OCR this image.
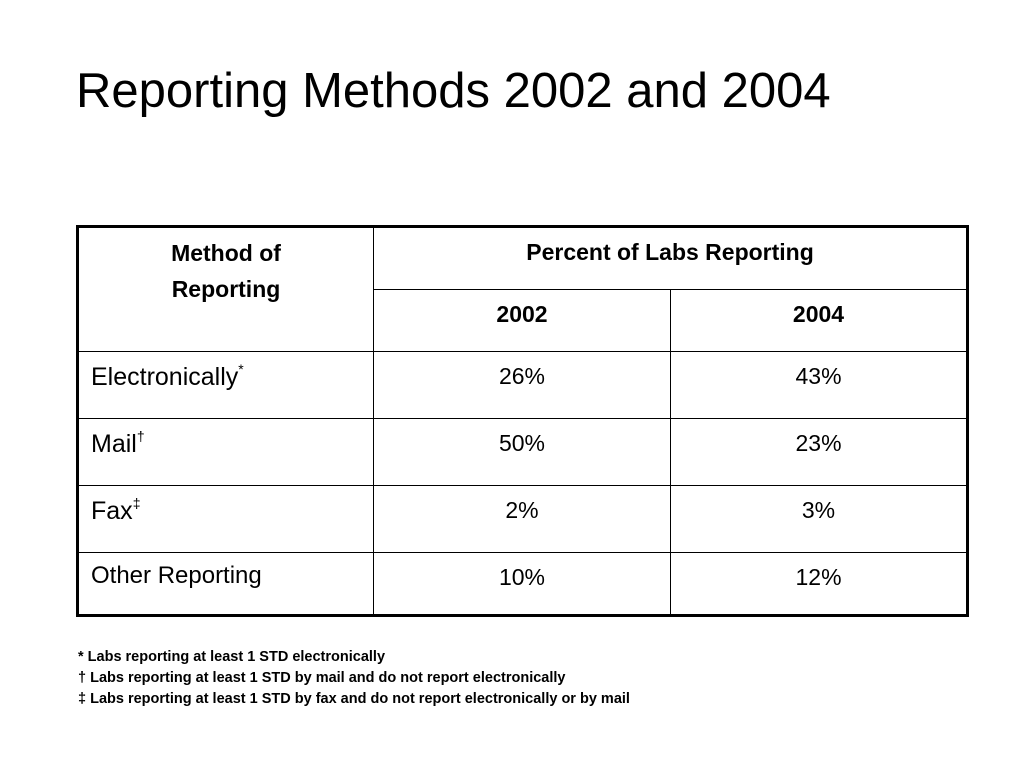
Reporting Methods 2002 and 2004
Method of
Reporting	Percent of Labs Reporting	
	2002	2004
Electronically*	26%	43%
Mail†	50%	23%
Fax‡	2%	3%
Other Reporting	10%	12%
* Labs reporting at least 1 STD electronically
† Labs reporting at least 1 STD by mail and do not report electronically
‡ Labs reporting at least 1 STD by fax and do not report electronically or by mail
